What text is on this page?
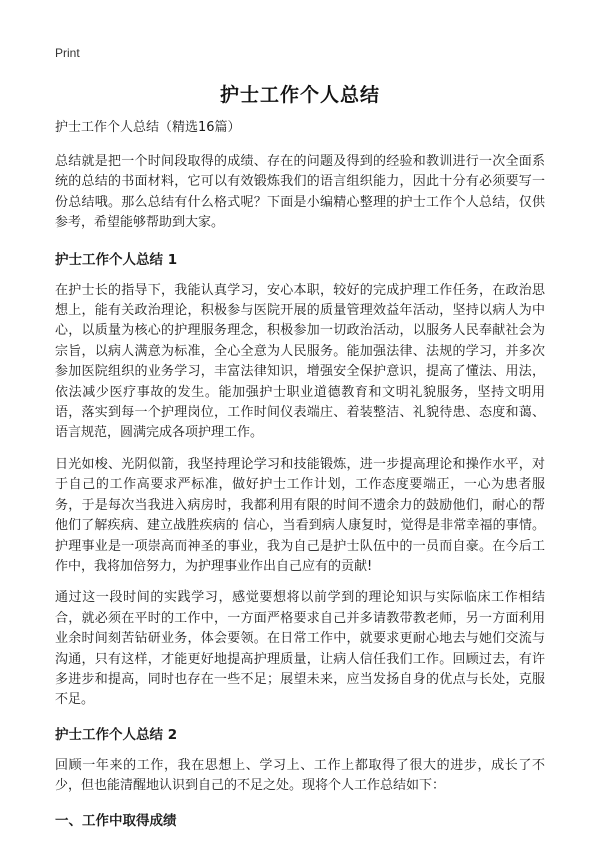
Print
护士工作个人总结
护士工作个人总结（精选16篇）

总结就是把一个时间段取得的成绩、存在的问题及得到的经验和教训进行一次全面系统的总结的书面材料，它可以有效锻炼我们的语言组织能力，因此十分有必须要写一份总结哦。那么总结有什么格式呢？下面是小编精心整理的护士工作个人总结，仅供参考，希望能够帮助到大家。

护士工作个人总结 1

在护士长的指导下，我能认真学习，安心本职，较好的完成护理工作任务，在政治思想上，能有关政治理论，积极参与医院开展的质量管理效益年活动，坚持以病人为中心，以质量为核心的护理服务理念，积极参加一切政治活动，以服务人民奉献社会为宗旨，以病人满意为标准，全心全意为人民服务。能加强法律、法规的学习，并多次参加医院组织的业务学习，丰富法律知识，增强安全保护意识，提高了懂法、用法，依法减少医疗事故的发生。能加强护士职业道德教育和文明礼貌服务，坚持文明用语，落实到每一个护理岗位，工作时间仪表端庄、着装整洁、礼貌待患、态度和蔼、语言规范，圆满完成各项护理工作。

日光如梭、光阴似箭，我坚持理论学习和技能锻炼，进一步提高理论和操作水平，对于自己的工作高要求严标准，做好护士工作计划，工作态度要端正，一心为患者服务，于是每次当我进入病房时，我都利用有限的时间不遗余力的鼓励他们，耐心的帮他们了解疾病、建立战胜疾病的 信心，当看到病人康复时，觉得是非常幸福的事情。护理事业是一项崇高而神圣的事业，我为自己是护士队伍中的一员而自豪。在今后工作中，我将加倍努力，为护理事业作出自己应有的贡献!

通过这一段时间的实践学习，感觉要想将以前学到的理论知识与实际临床工作相结合，就必须在平时的工作中，一方面严格要求自己并多请教带教老师，另一方面利用业余时间刻苦钻研业务，体会要领。在日常工作中，就要求更耐心地去与她们交流与沟通，只有这样，才能更好地提高护理质量，让病人信任我们工作。回顾过去，有许多进步和提高，同时也存在一些不足；展望未来，应当发扬自身的优点与长处，克服不足。

护士工作个人总结 2

回顾一年来的工作，我在思想上、学习上、工作上都取得了很大的进步，成长了不少，但也能清醒地认识到自己的不足之处。现将个人工作总结如下：

一、工作中取得成绩
